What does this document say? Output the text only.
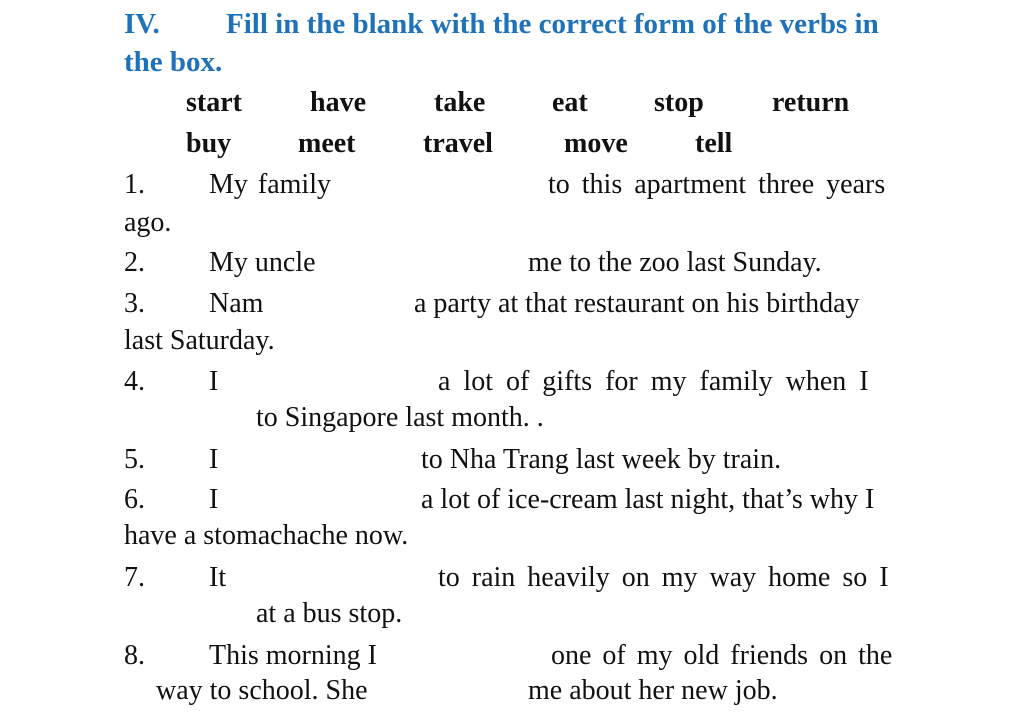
IV. Fill in the blank with the correct form of the verbs in
the box.
start have take eat stop return
buy meet travel	move tell
1. My family	to this apartment three years
ago.
2. My uncle	me to the zoo last Sunday.
3. Nam	a party at that restaurant on his birthday
last Saturday.
4. I	a lot of gifts for my family when I
to Singapore last month. .
5. I	to Nha Trang last week by train.
6. I	a lot of ice-cream last night, that’s why I
have a stomachache now.
7. It	to rain heavily on my way home so I
at a bus stop.
8. This morning I	one of my old friends on the
way to school. She	me about her new job.
